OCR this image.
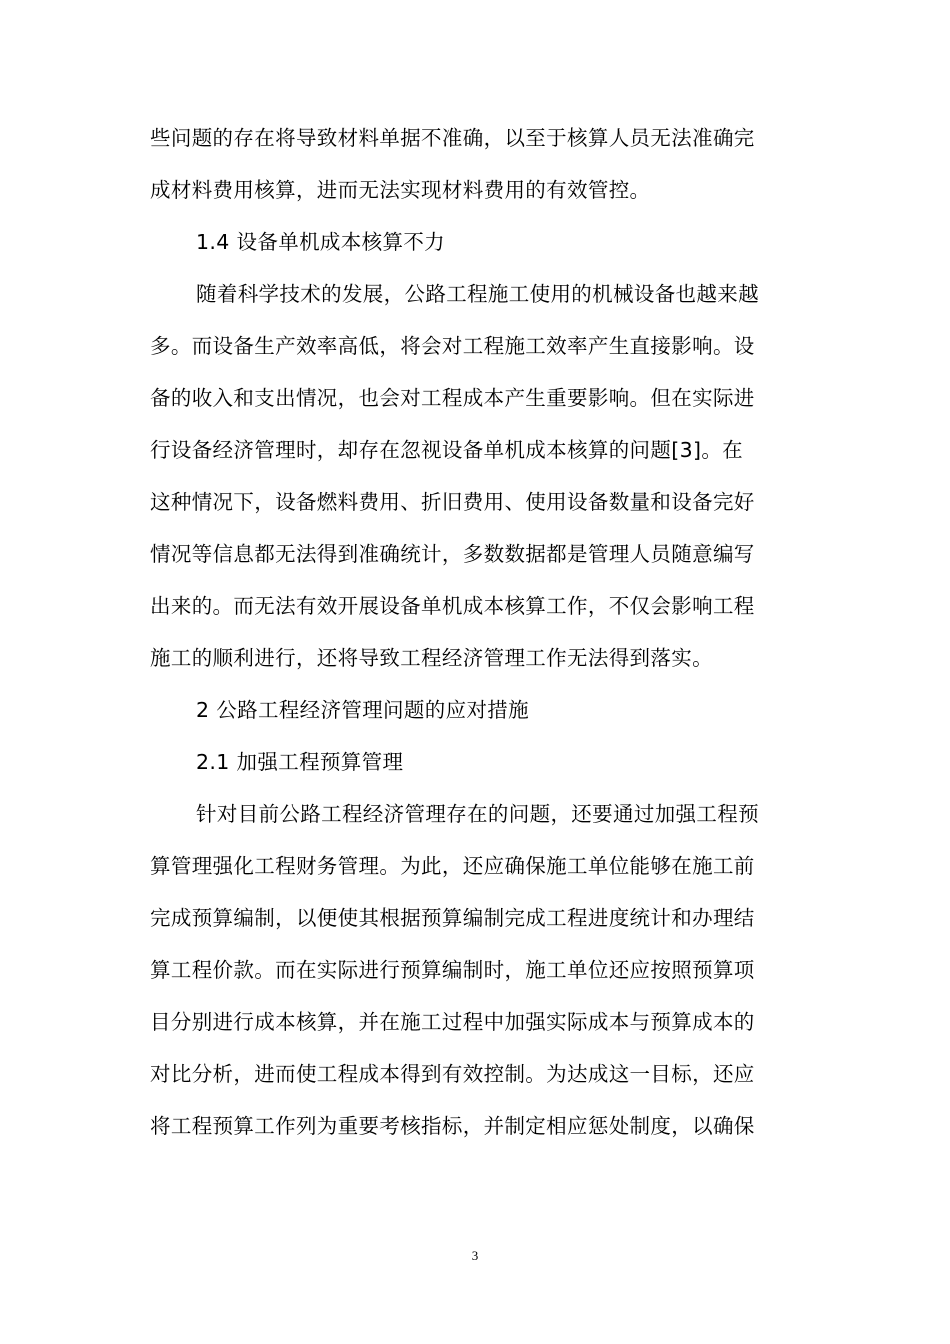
些问题的存在将导致材料单据不准确，以至于核算人员无法准确完
成材料费用核算，进而无法实现材料费用的有效管控。
1.4 设备单机成本核算不力
随着科学技术的发展，公路工程施工使用的机械设备也越来越
多。而设备生产效率高低，将会对工程施工效率产生直接影响。设
备的收入和支出情况，也会对工程成本产生重要影响。但在实际进
行设备经济管理时，却存在忽视设备单机成本核算的问题[3]。在
这种情况下，设备燃料费用、折旧费用、使用设备数量和设备完好
情况等信息都无法得到准确统计，多数数据都是管理人员随意编写
出来的。而无法有效开展设备单机成本核算工作，不仅会影响工程
施工的顺利进行，还将导致工程经济管理工作无法得到落实。
2 公路工程经济管理问题的应对措施
2.1 加强工程预算管理
针对目前公路工程经济管理存在的问题，还要通过加强工程预
算管理强化工程财务管理。为此，还应确保施工单位能够在施工前
完成预算编制，以便使其根据预算编制完成工程进度统计和办理结
算工程价款。而在实际进行预算编制时，施工单位还应按照预算项
目分别进行成本核算，并在施工过程中加强实际成本与预算成本的
对比分析，进而使工程成本得到有效控制。为达成这一目标，还应
将工程预算工作列为重要考核指标，并制定相应惩处制度，以确保
3
